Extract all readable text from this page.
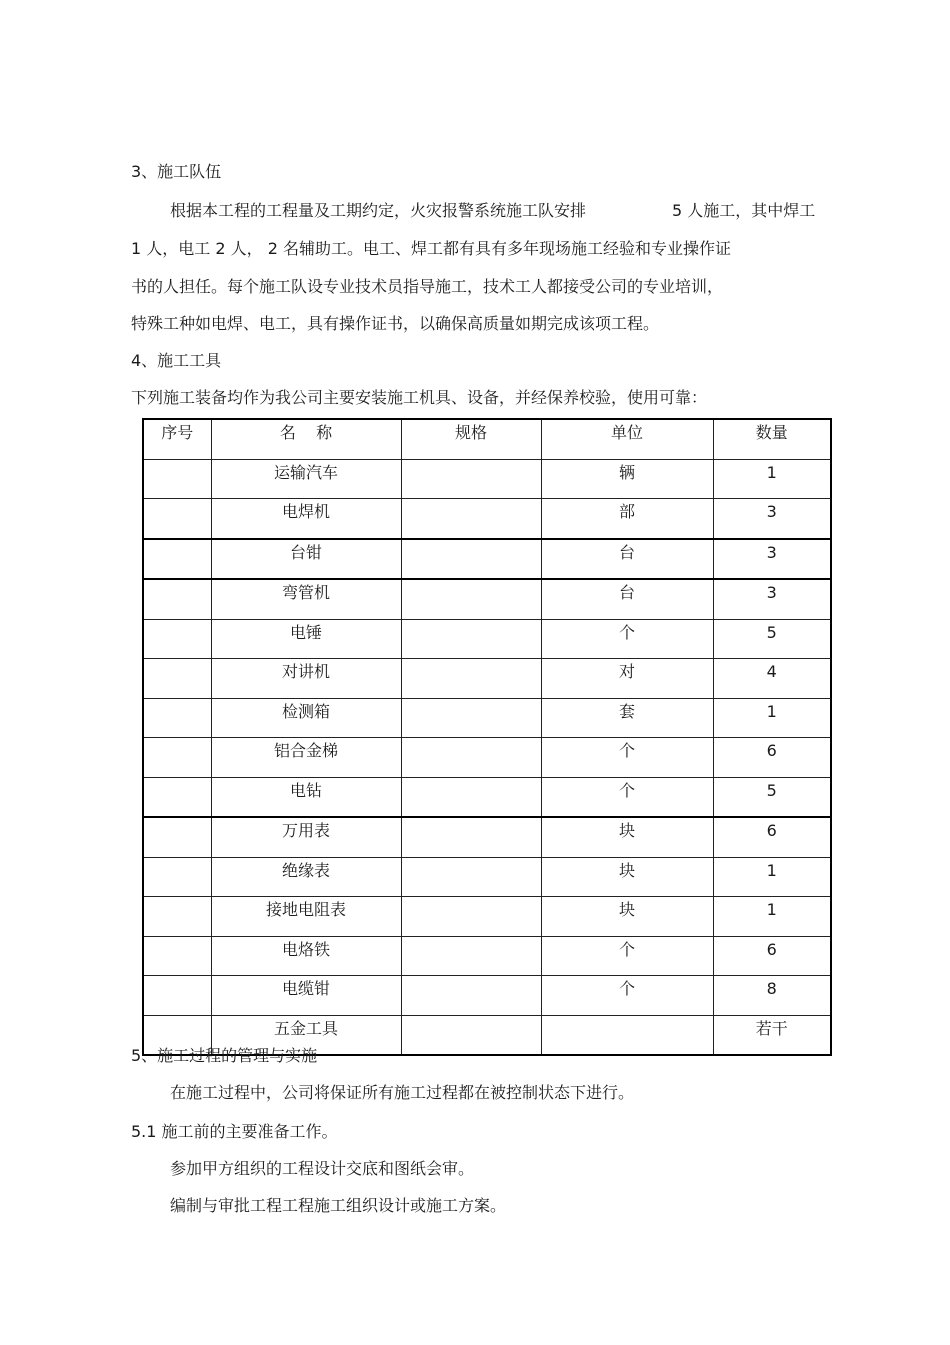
3、施工队伍
根据本工程的工程量及工期约定，火灾报警系统施工队安排	5 人施工，其中焊工
1 人，电工 2 人， 2 名辅助工。电工、焊工都有具有多年现场施工经验和专业操作证
书的人担任。每个施工队设专业技术员指导施工，技术工人都接受公司的专业培训，
特殊工种如电焊、电工，具有操作证书，以确保高质量如期完成该项工程。
4、施工工具
下列施工装备均作为我公司主要安装施工机具、设备，并经保养校验，使用可靠：
序号	名    称	规格	单位	数量
	运输汽车		辆	1
	电焊机		部	3
	台钳		台	3
	弯管机		台	3
	电锤		个	5
	对讲机		对	4
	检测箱		套	1
	铝合金梯		个	6
	电钻		个	5
	万用表		块	6
	绝缘表		块	1
	接地电阻表		块	1
	电烙铁		个	6
	电缆钳		个	8
	五金工具			若干
5、施工过程的管理与实施
在施工过程中，公司将保证所有施工过程都在被控制状态下进行。
5.1 施工前的主要准备工作。
参加甲方组织的工程设计交底和图纸会审。
编制与审批工程工程施工组织设计或施工方案。
